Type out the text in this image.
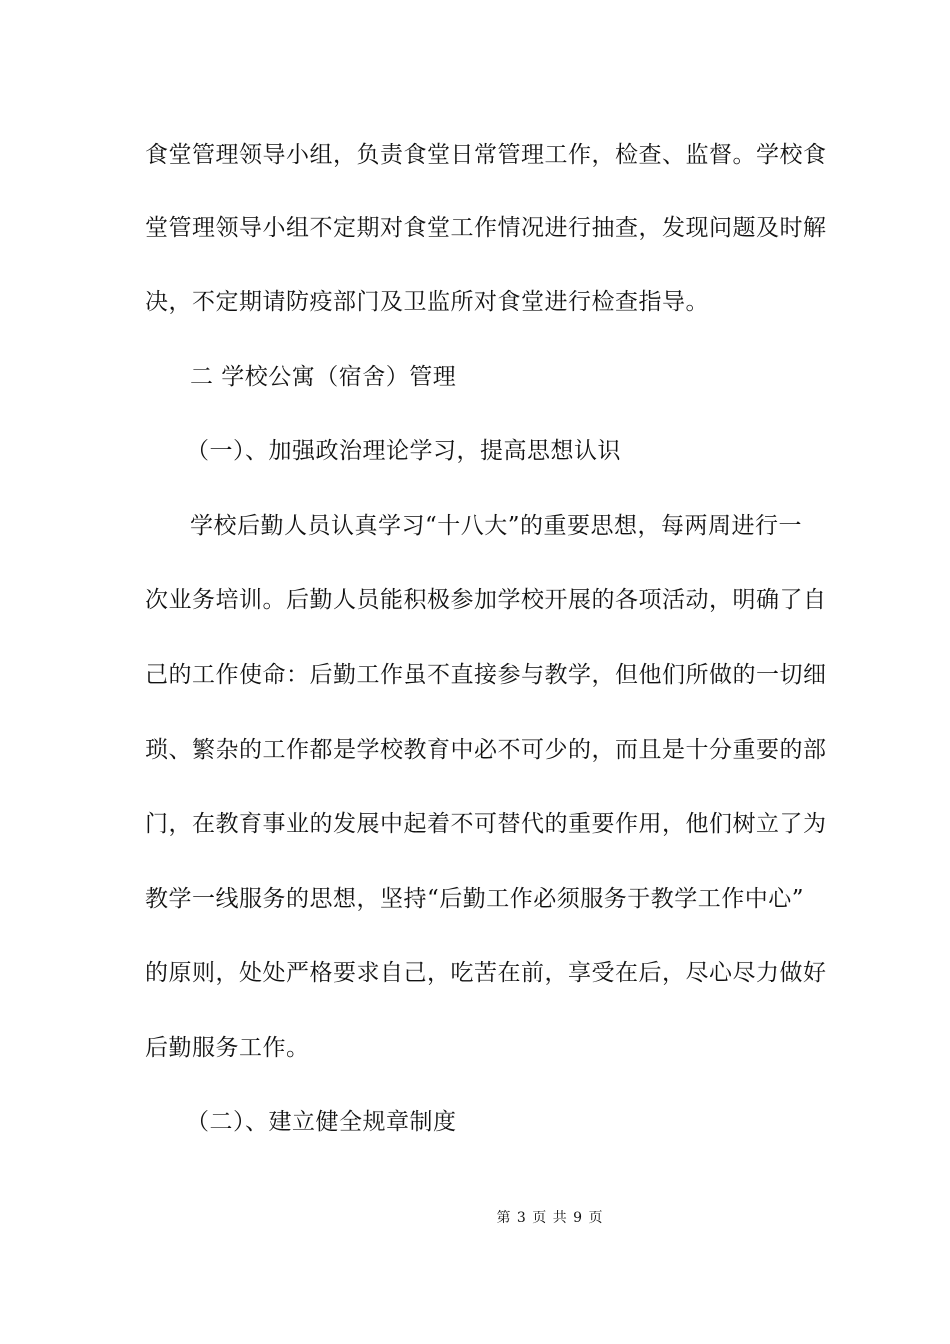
食堂管理领导小组，负责食堂日常管理工作，检查、监督。学校食
堂管理领导小组不定期对食堂工作情况进行抽查，发现问题及时解
决，不定期请防疫部门及卫监所对食堂进行检查指导。
二 学校公寓（宿舍）管理
（一）、加强政治理论学习，提高思想认识
学校后勤人员认真学习“十八大”的重要思想，每两周进行一
次业务培训。后勤人员能积极参加学校开展的各项活动，明确了自
己的工作使命：后勤工作虽不直接参与教学，但他们所做的一切细
琐、繁杂的工作都是学校教育中必不可少的，而且是十分重要的部
门，在教育事业的发展中起着不可替代的重要作用，他们树立了为
教学一线服务的思想，坚持“后勤工作必须服务于教学工作中心”
的原则，处处严格要求自己，吃苦在前，享受在后，尽心尽力做好
后勤服务工作。
（二）、建立健全规章制度
第 3 页 共 9 页
